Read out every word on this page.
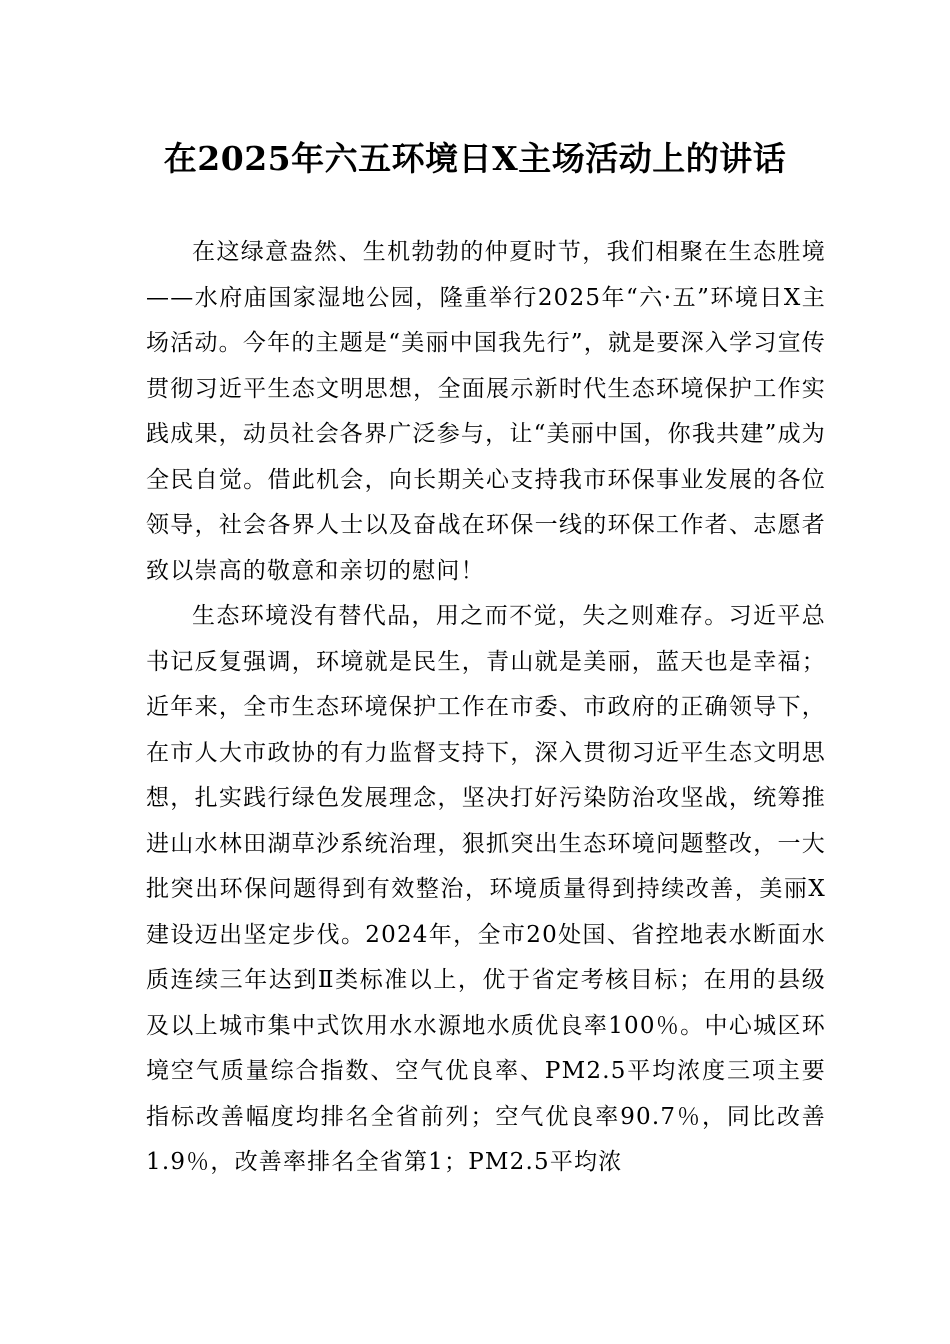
在2025年六五环境日X主场活动上的讲话

在这绿意盎然、生机勃勃的仲夏时节，我们相聚在生态胜境——水府庙国家湿地公园，隆重举行2025年“六·五”环境日X主场活动。今年的主题是“美丽中国我先行”，就是要深入学习宣传贯彻习近平生态文明思想，全面展示新时代生态环境保护工作实践成果，动员社会各界广泛参与，让“美丽中国，你我共建”成为全民自觉。借此机会，向长期关心支持我市环保事业发展的各位领导，社会各界人士以及奋战在环保一线的环保工作者、志愿者致以崇高的敬意和亲切的慰问！

生态环境没有替代品，用之而不觉，失之则难存。习近平总书记反复强调，环境就是民生，青山就是美丽，蓝天也是幸福；近年来，全市生态环境保护工作在市委、市政府的正确领导下，在市人大市政协的有力监督支持下，深入贯彻习近平生态文明思想，扎实践行绿色发展理念，坚决打好污染防治攻坚战，统筹推进山水林田湖草沙系统治理，狠抓突出生态环境问题整改，一大批突出环保问题得到有效整治，环境质量得到持续改善，美丽X建设迈出坚定步伐。2024年，全市20处国、省控地表水断面水质连续三年达到Ⅱ类标准以上，优于省定考核目标；在用的县级及以上城市集中式饮用水水源地水质优良率100％。中心城区环境空气质量综合指数、空气优良率、PM2.5平均浓度三项主要指标改善幅度均排名全省前列；空气优良率90.7％，同比改善1.9％，改善率排名全省第1；PM2.5平均浓
